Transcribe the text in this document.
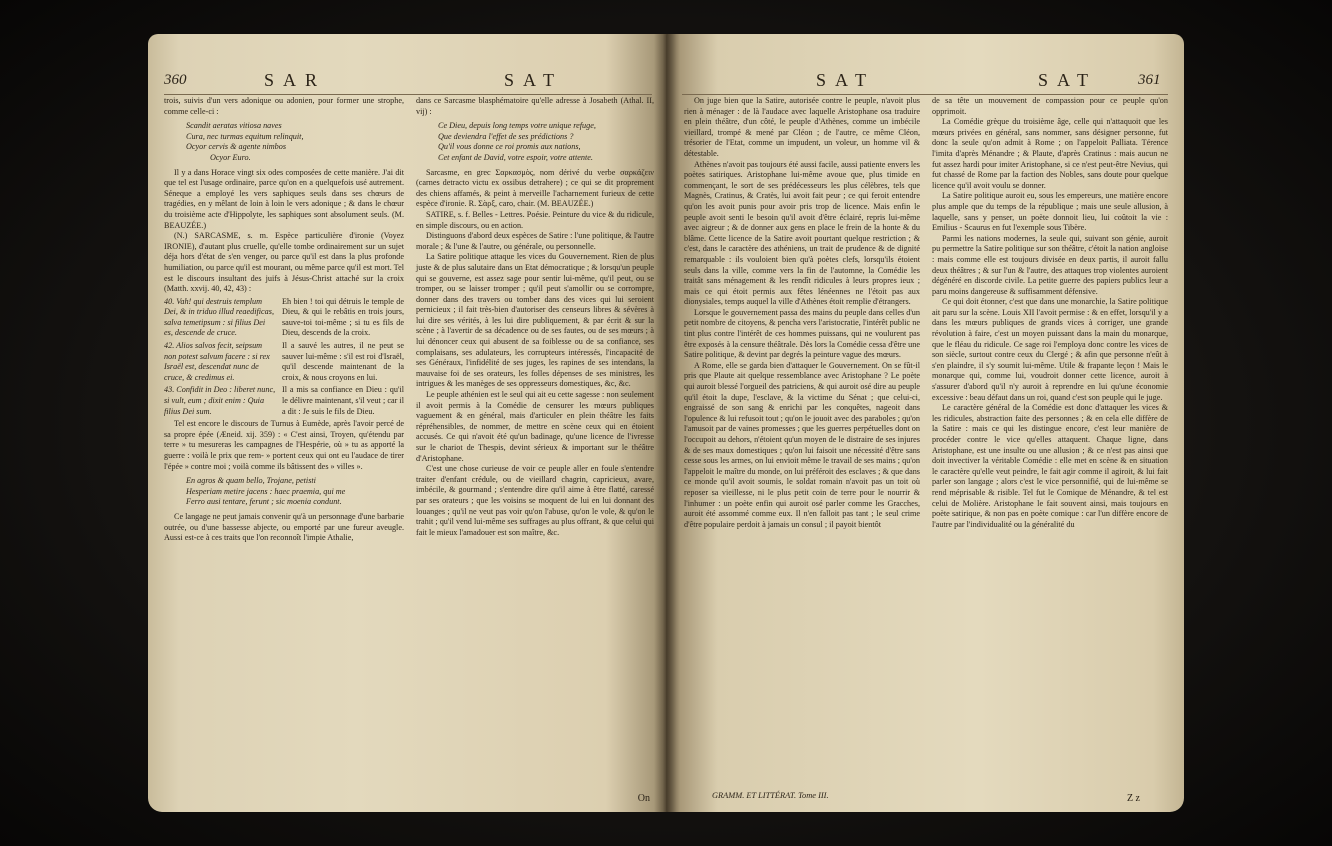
360	SAR	SAT

trois, suivis d'un vers adonique ou adonien, pour former une strophe, comme celle-ci :

Scandit aeratas vitiosa naves
Cura, nec turmas equitum relinquit,
Ocyor cervis & agente nimbos
Ocyor Euro.

Il y a dans Horace vingt six odes composées de cette manière. J'ai dit que tel est l'usage ordinaire, parce qu'on en a quelquefois usé autrement. Séneque a employé les vers saphiques seuls dans ses chœurs de tragédies, en y mêlant de loin à loin le vers adonique ; & dans le chœur du troisième acte d'Hippolyte, les saphiques sont absolument seuls. (M. BEAUZÉE.)

(N.) SARCASME, s. m. Espèce particulière d'ironie (Voyez IRONIE), d'autant plus cruelle, qu'elle tombe ordinairement sur un sujet déja hors d'état de s'en venger, ou parce qu'il est dans la plus profonde humiliation, ou parce qu'il est mourant, ou même parce qu'il est mort. Tel est le discours insultant des juifs à Jésus-Christ attaché sur la croix (Matth. xxvij. 40, 42, 43) :

40. Vah! qui destruis templum Dei, & in triduo illud reaedificas, salva temetipsum : si filius Dei es, descende de cruce.
Eh bien ! toi qui détruis le temple de Dieu, & qui le rebâtis en trois jours, sauve-toi toi-même ; si tu es fils de Dieu, descends de la croix.
42. Alios salvos fecit, seipsum non potest salvum facere : si rex Israël est, descendat nunc de cruce, & credimus ei.
Il a sauvé les autres, il ne peut se sauver lui-même : s'il est roi d'Israël, qu'il descende maintenant de la croix, & nous croyons en lui.
43. Confidit in Deo : liberet nunc, si vult, eum ; dixit enim : Quia filius Dei sum.
Il a mis sa confiance en Dieu : qu'il le délivre maintenant, s'il veut ; car il a dit : Je suis le fils de Dieu.

Tel est encore le discours de Turnus à Eumède, après l'avoir percé de sa propre épée (Æneid. xij. 359) : « C'est ainsi, Troyen, qu'étendu par terre » tu mesureras les campagnes de l'Hespérie, où » tu as apporté la guerre : voilà le prix que rem- » portent ceux qui ont eu l'audace de tirer l'épée » contre moi ; voilà comme ils bâtissent des » villes ».

En agros & quam bello, Trojane, petisti
Hesperiam metire jacens : haec praemia, qui me
Ferro ausi tentare, ferunt ; sic moenia condunt.

Ce langage ne peut jamais convenir qu'à un personnage d'une barbarie outrée, ou d'une bassesse abjecte, ou emporté par une fureur aveugle. Aussi est-ce à ces traits que l'on reconnoît l'impie Athalie,

dans ce Sarcasme blasphématoire qu'elle adresse à Josabeth (Athal. II, vij) :

Ce Dieu, depuis long temps votre unique refuge,
Que deviendra l'effet de ses prédictions ?
Qu'il vous donne ce roi promis aux nations,
Cet enfant de David, votre espoir, votre attente.

Sarcasme, en grec Σαρκασμὸς, nom dérivé du verbe σαρκάζειν (carnes detracto victu ex ossibus detrahere) ; ce qui se dit proprement des chiens affamés, & peint à merveille l'acharnement furieux de cette espèce d'ironie. R. Σὰρξ, caro, chair. (M. BEAUZÉE.)

SATIRE, s. f. Belles - Lettres. Poésie. Peinture du vice & du ridicule, en simple discours, ou en action.

Distinguons d'abord deux espèces de Satire : l'une politique, & l'autre morale ; & l'une & l'autre, ou générale, ou personnelle.

La Satire politique attaque les vices du Gouvernement. Rien de plus juste & de plus salutaire dans un Etat démocratique ; & lorsqu'un peuple qui se gouverne, est assez sage pour sentir lui-même, qu'il peut, ou se tromper, ou se laisser tromper ; qu'il peut s'amollir ou se corrompre, donner dans des travers ou tomber dans des vices qui lui seroient pernicieux ; il fait très-bien d'autoriser des censeurs libres & sévères à lui dire ses vérités, à les lui dire publiquement, & par écrit & sur la scène ; à l'avertir de sa décadence ou de ses fautes, ou de ses mœurs ; à lui dénoncer ceux qui abusent de sa foiblesse ou de sa confiance, ses complaisans, ses adulateurs, les corrupteurs intéressés, l'incapacité de ses Généraux, l'infidélité de ses juges, les rapines de ses intendans, la mauvaise foi de ses orateurs, les folles dépenses de ses ministres, les intrigues & les manèges de ses oppresseurs domestiques, &c, &c.

Le peuple athénien est le seul qui ait eu cette sagesse : non seulement il avoit permis à la Comédie de censurer les mœurs publiques vaguement & en général, mais d'articuler en plein théâtre les faits répréhensibles, de nommer, de mettre en scène ceux qui en étoient accusés. Ce qui n'avoit été qu'un badinage, qu'une licence de l'ivresse sur le chariot de Thespis, devint sérieux & important sur le théâtre d'Aristophane.

C'est une chose curieuse de voir ce peuple aller en foule s'entendre traiter d'enfant crédule, ou de vieillard chagrin, capricieux, avare, imbécile, & gourmand ; s'entendre dire qu'il aime à être flatté, caressé par ses orateurs ; que les voisins se moquent de lui en lui donnant des louanges ; qu'il ne veut pas voir qu'on l'abuse, qu'on le vole, & qu'on le trahit ; qu'il vend lui-même ses suffrages au plus offrant, & que celui qui fait le mieux l'amadouer est son maître, &c.

On
SAT	SAT	361

On juge bien que la Satire, autorisée contre le peuple, n'avoit plus rien à ménager : de là l'audace avec laquelle Aristophane osa traduire en plein théâtre, d'un côté, le peuple d'Athènes, comme un imbécile vieillard, trompé & mené par Cléon ; de l'autre, ce même Cléon, trésorier de l'Etat, comme un impudent, un voleur, un homme vil & détestable.

Athènes n'avoit pas toujours été aussi facile, aussi patiente envers les poètes satiriques. Aristophane lui-même avoue que, plus timide en commençant, le sort de ses prédécesseurs les plus célèbres, tels que Magnès, Cratinus, & Cratès, lui avoit fait peur ; ce qui feroit entendre qu'on les avoit punis pour avoir pris trop de licence. Mais enfin le peuple avoit senti le besoin qu'il avoit d'être éclairé, repris lui-même avec aigreur ; & de donner aux gens en place le frein de la honte & du blâme. Cette licence de la Satire avoit pourtant quelque restriction ; & c'est, dans le caractère des athéniens, un trait de prudence & de dignité remarquable : ils vouloient bien qu'à poètes clefs, lorsqu'ils étoient seuls dans la ville, comme vers la fin de l'automne, la Comédie les traitât sans ménagement & les rendît ridicules à leurs propres ieux ; mais ce qui étoit permis aux fêtes lénéennes ne l'étoit pas aux dionysiales, temps auquel la ville d'Athènes étoit remplie d'étrangers.

Lorsque le gouvernement passa des mains du peuple dans celles d'un petit nombre de citoyens, & pencha vers l'aristocratie, l'intérêt public ne tint plus contre l'intérêt de ces hommes puissans, qui ne voulurent pas être exposés à la censure théâtrale. Dès lors la Comédie cessa d'être une Satire politique, & devint par degrés la peinture vague des mœurs.

A Rome, elle se garda bien d'attaquer le Gouvernement. On se fût-il pris que Plaute ait quelque ressemblance avec Aristophane ? Le poète qui auroit blessé l'orgueil des patriciens, & qui auroit osé dire au peuple qu'il étoit la dupe, l'esclave, & la victime du Sénat ; que celui-ci, engraissé de son sang & enrichi par les conquêtes, nageoit dans l'opulence & lui refusoit tout ; qu'on le jouoit avec des paraboles ; qu'on l'amusoit par de vaines promesses ; que les guerres perpétuelles dont on l'occupoit au dehors, n'étoient qu'un moyen de le distraire de ses injures & de ses maux domestiques ; qu'on lui faisoit une nécessité d'être sans cesse sous les armes, on lui envioit même le travail de ses mains ; qu'on l'appeloit le maître du monde, on lui préféroit des esclaves ; & que dans ce monde qu'il avoit soumis, le soldat romain n'avoit pas un toit où reposer sa vieillesse, ni le plus petit coin de terre pour le nourrir & l'inhumer : un poète enfin qui auroit osé parler comme les Gracches, auroit été assommé comme eux. Il n'en falloit pas tant ; le seul crime d'être populaire perdoit à jamais un consul ; il payoit bientôt

GRAMM. ET LITTÉRAT. Tome III.

de sa tête un mouvement de compassion pour ce peuple qu'on opprimoit.

La Comédie grèque du troisième âge, celle qui n'attaquoit que les mœurs privées en général, sans nommer, sans désigner personne, fut donc la seule qu'on admit à Rome ; on l'appeloit Palliata. Térence l'imita d'après Ménandre ; & Plaute, d'après Cratinus : mais aucun ne fut assez hardi pour imiter Aristophane, si ce n'est peut-être Nevius, qui fut chassé de Rome par la faction des Nobles, sans doute pour quelque licence qu'il avoit voulu se donner.

La Satire politique auroit eu, sous les empereurs, une matière encore plus ample que du temps de la république ; mais une seule allusion, à laquelle, sans y penser, un poète donnoit lieu, lui coûtoit la vie : Emilius - Scaurus en fut l'exemple sous Tibère.

Parmi les nations modernes, la seule qui, suivant son génie, auroit pu permettre la Satire politique sur son théâtre, c'étoit la nation angloise : mais comme elle est toujours divisée en deux partis, il auroit fallu deux théâtres ; & sur l'un & l'autre, des attaques trop violentes auroient dégénéré en discorde civile. La petite guerre des papiers publics leur a paru moins dangereuse & suffisamment défensive.

Ce qui doit étonner, c'est que dans une monarchie, la Satire politique ait paru sur la scène. Louis XII l'avoit permise : & en effet, lorsqu'il y a dans les mœurs publiques de grands vices à corriger, une grande révolution à faire, c'est un moyen puissant dans la main du monarque, que le fléau du ridicule. Ce sage roi l'employa donc contre les vices de son siècle, surtout contre ceux du Clergé ; & afin que personne n'eût à s'en plaindre, il s'y soumit lui-même. Utile & frapante leçon ! Mais le monarque qui, comme lui, voudroit donner cette licence, auroit à s'assurer d'abord qu'il n'y auroit à reprendre en lui qu'une économie excessive : beau défaut dans un roi, quand c'est son peuple qui le juge.

Le caractère général de la Comédie est donc d'attaquer les vices & les ridicules, abstraction faite des personnes ; & en cela elle diffère de la Satire : mais ce qui les distingue encore, c'est leur manière de procéder contre le vice qu'elles attaquent. Chaque ligne, dans Aristophane, est une insulte ou une allusion ; & ce n'est pas ainsi que doit invectiver la véritable Comédie : elle met en scène & en situation le caractère qu'elle veut peindre, le fait agir comme il agiroit, & lui fait parler son langage ; alors c'est le vice personnifié, qui de lui-même se rend méprisable & risible. Tel fut le Comique de Ménandre, & tel est celui de Molière. Aristophane le fait souvent ainsi, mais toujours en poète satirique, & non pas en poète comique : car l'un diffère encore de l'autre par l'individualité ou la généralité du

Z z
